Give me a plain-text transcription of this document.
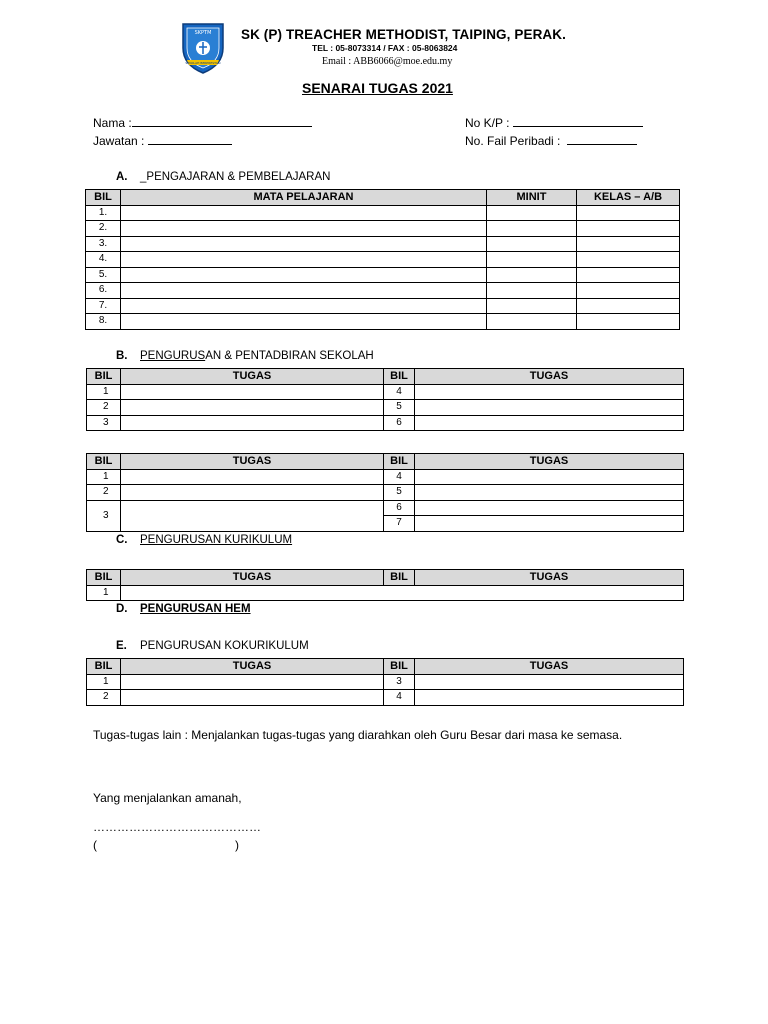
SKPTM
SEKOLAH BERPRESTASI
SK (P) TREACHER METHODIST, TAIPING, PERAK.
TEL : 05-8073314 / FAX : 05-8063824
Email : ABB6066@moe.edu.my
SENARAI TUGAS 2021
Nama :
Jawatan :
No K/P :
No. Fail Peribadi :
A. _PENGAJARAN & PEMBELAJARAN
BIL	MATA PELAJARAN	MINIT	KELAS – A/B
1.			
2.			
3.			
4.			
5.			
6.			
7.			
8.			
B. PENGURUSAN & PENTADBIRAN SEKOLAH
BIL	TUGAS	BIL	TUGAS
1		4	
2		5	
3		6	
BIL	TUGAS	BIL	TUGAS
1		4	
2		5	
3		6	
		7	
C. PENGURUSAN KURIKULUM
BIL	TUGAS	BIL	TUGAS
1			
D. PENGURUSAN HEM
E. PENGURUSAN KOKURIKULUM
BIL	TUGAS	BIL	TUGAS
1		3	
2		4	
Tugas-tugas lain : Menjalankan tugas-tugas yang diarahkan oleh Guru Besar dari masa ke semasa.
Yang menjalankan amanah,
……………………………………
(	)
